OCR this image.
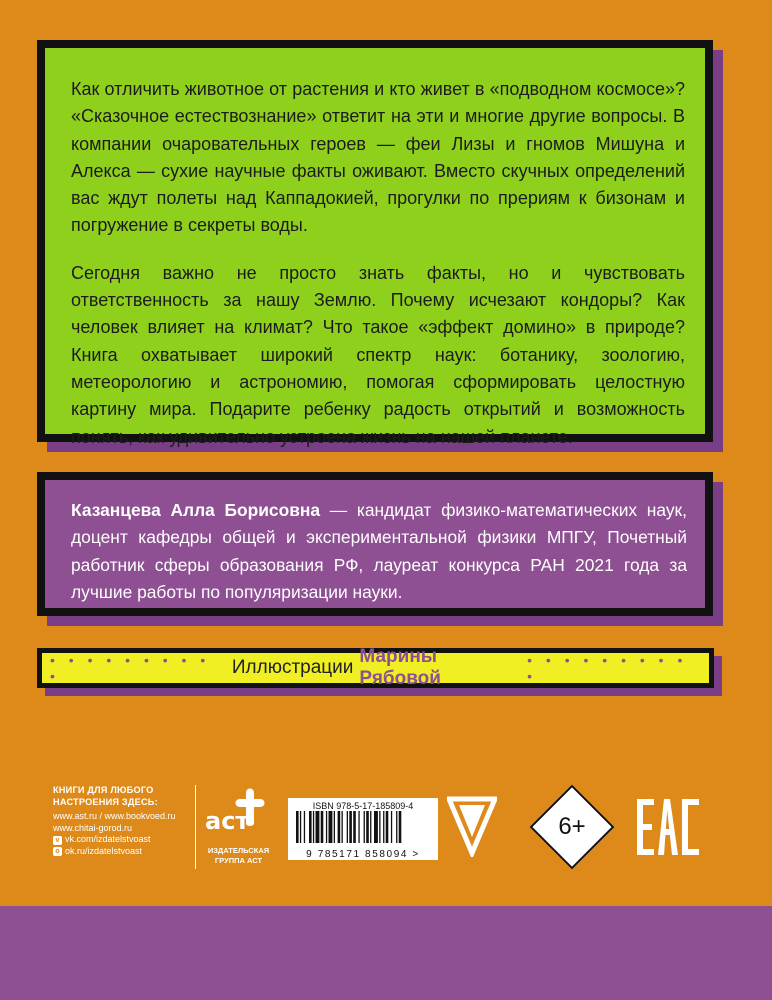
Как отличить животное от растения и кто живет в «подводном космосе»? «Сказочное естествознание» ответит на эти и многие другие вопросы. В компании очаровательных героев — феи Лизы и гномов Мишуна и Алекса — сухие научные факты оживают. Вместо скучных определений вас ждут полеты над Каппадокией, прогулки по прериям к бизонам и погружение в секреты воды.

Сегодня важно не просто знать факты, но и чувствовать ответственность за нашу Землю. Почему исчезают кондоры? Как человек влияет на климат? Что такое «эффект домино» в природе? Книга охватывает широкий спектр наук: ботанику, зоологию, метеорологию и астрономию, помогая сформировать целостную картину мира. Подарите ребенку радость открытий и возможность понять, как удивительно устроена жизнь на нашей планете.

Казанцева Алла Борисовна — кандидат физико-математических наук, доцент кафедры общей и экспериментальной физики МПГУ, Почетный работник сферы образования РФ, лауреат конкурса РАН 2021 года за лучшие работы по популяризации науки.

• • • • • • • • • •	Иллюстрации
Марины Рябовой
• • • • • • • • • •
КНИГИ ДЛЯ ЛЮБОГО НАСТРОЕНИЯ ЗДЕСЬ:
www.ast.ru / www.bookvoed.ru
www.chitai-gorod.ru
v vk.com/izdatelstvoast
o ok.ru/izdatelstvoast
аст
ИЗДАТЕЛЬСКАЯ ГРУППА АСТ
ISBN 978-5-17-185809-4
9 785171 858094 >
6+
